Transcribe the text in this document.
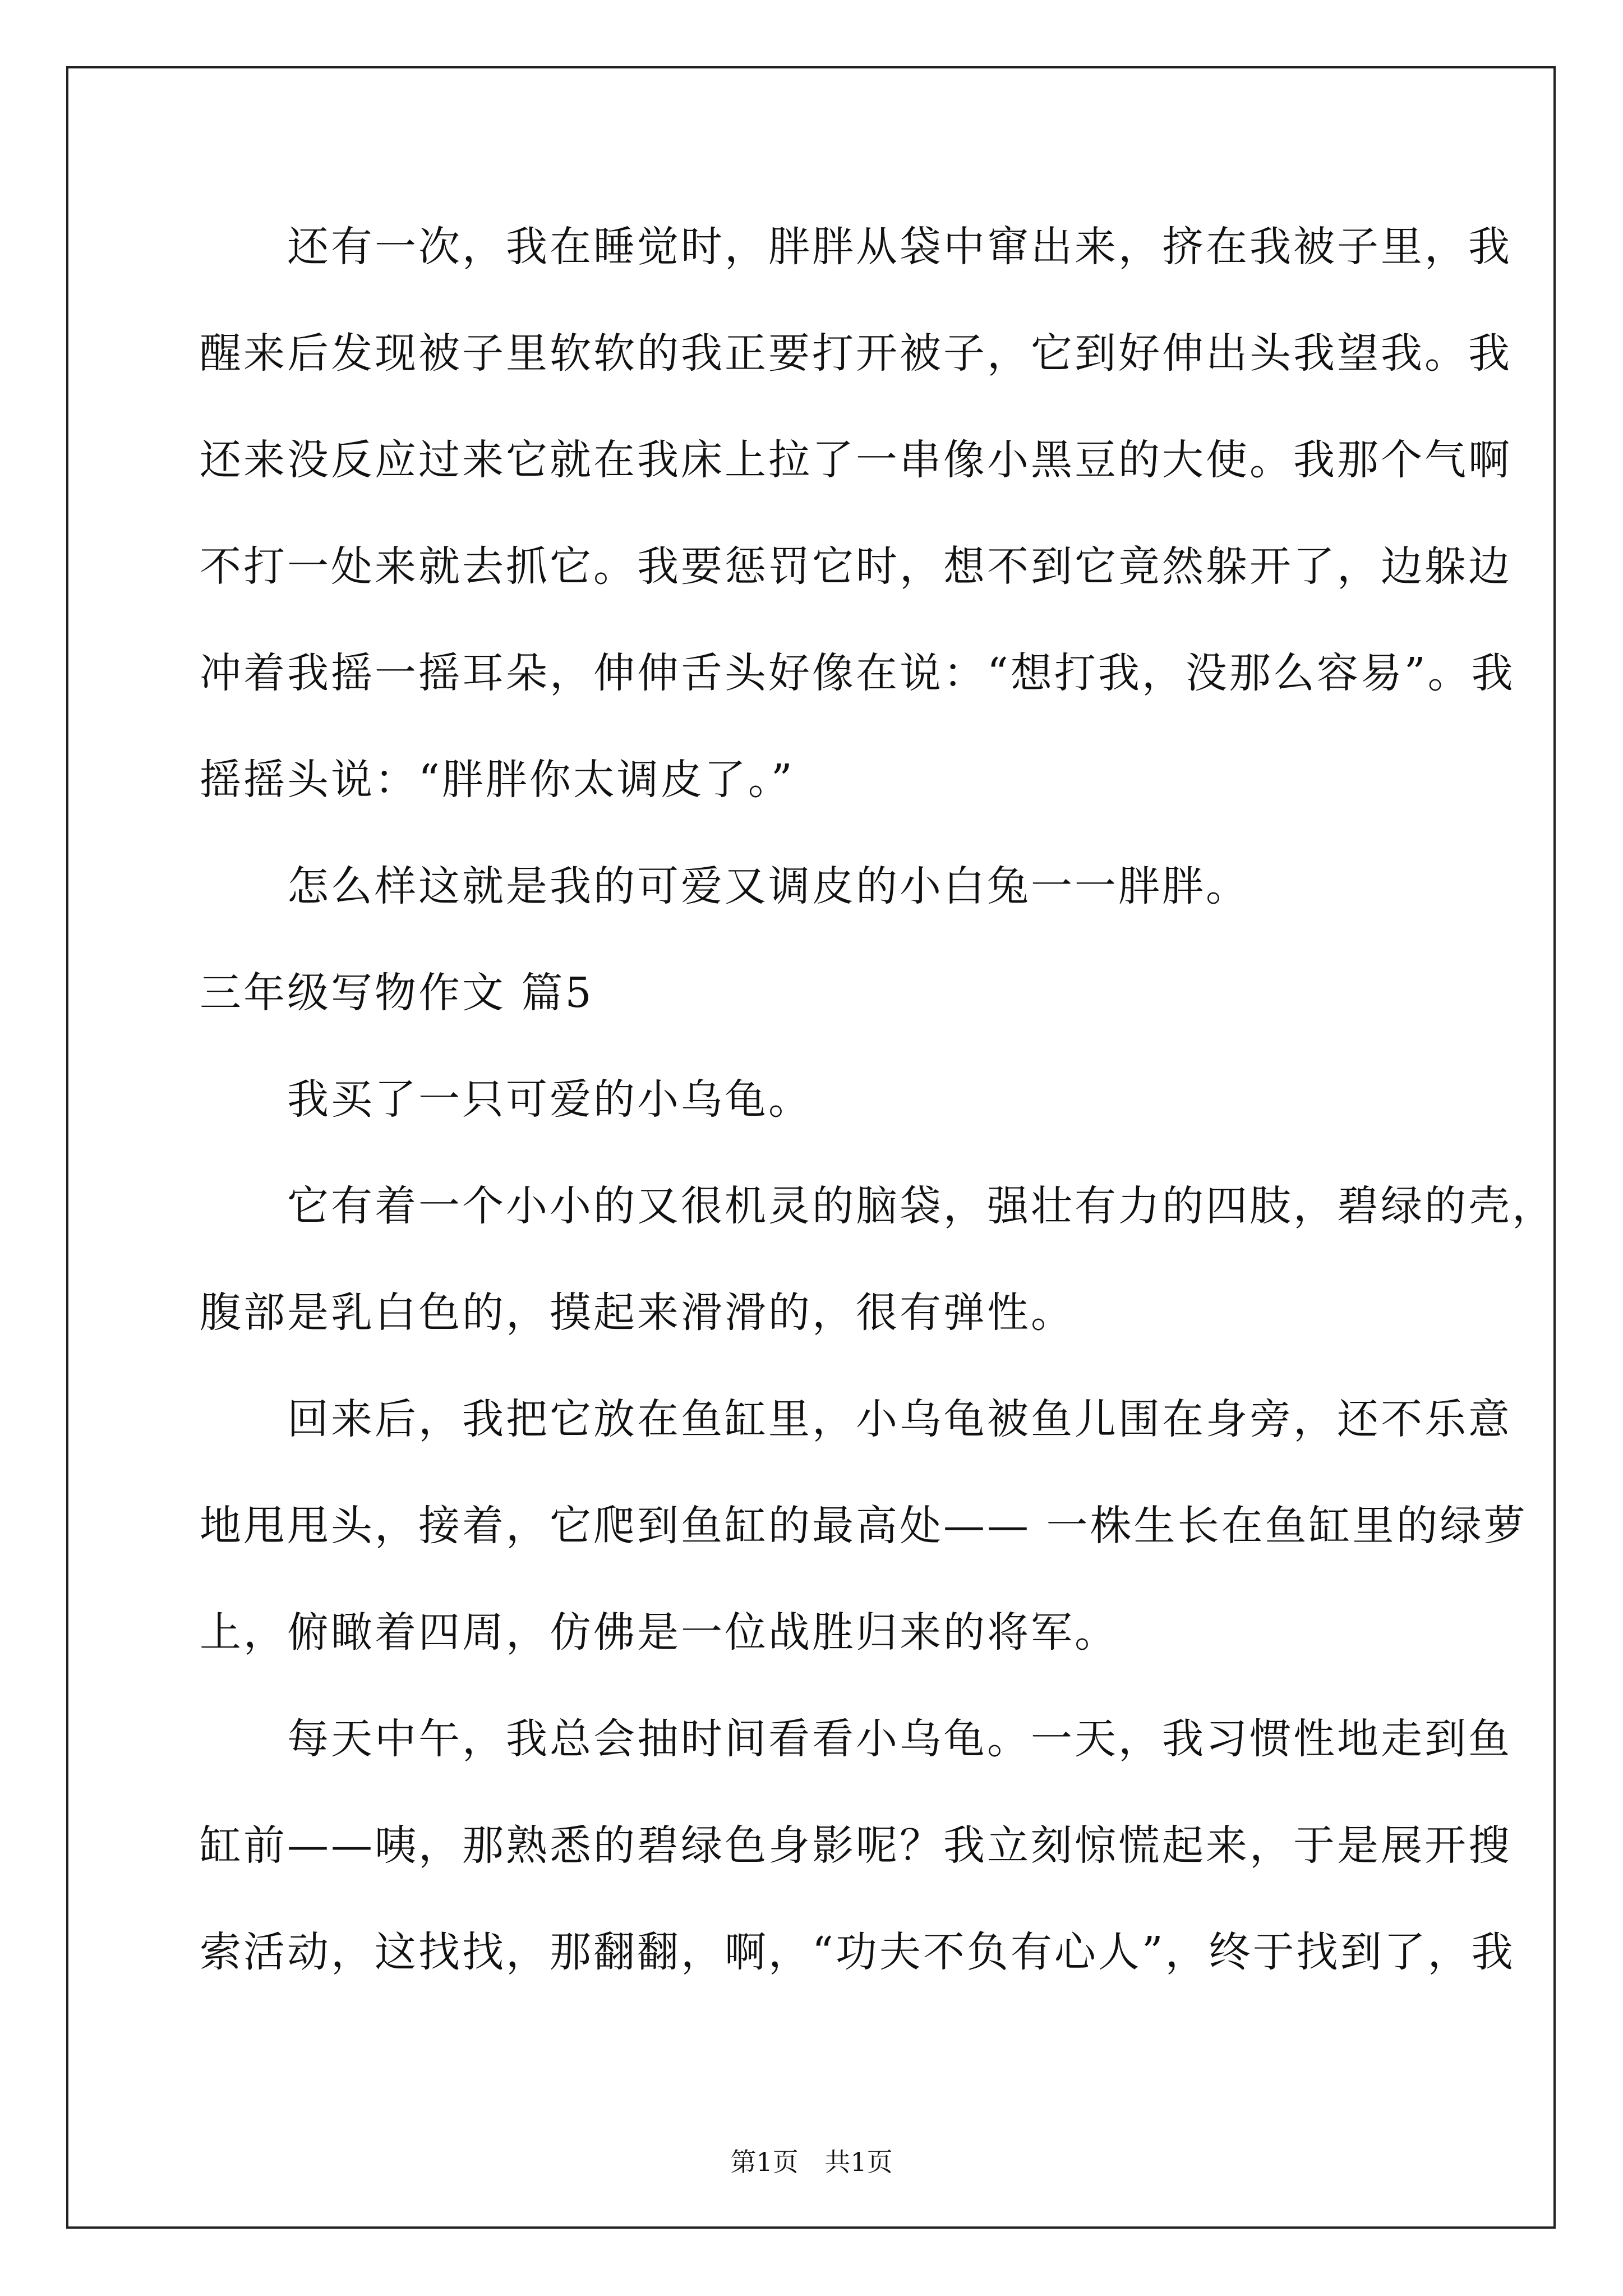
　　还有一次，我在睡觉时，胖胖从袋中窜出来，挤在我被子里，我
醒来后发现被子里软软的我正要打开被子，它到好伸出头我望我。我
还来没反应过来它就在我床上拉了一串像小黑豆的大使。我那个气啊
不打一处来就去抓它。我要惩罚它时，想不到它竟然躲开了，边躲边
冲着我摇一摇耳朵，伸伸舌头好像在说：“想打我，没那么容易”。我
摇摇头说：“胖胖你太调皮了。”
　　怎么样这就是我的可爱又调皮的小白兔一一胖胖。
三年级写物作文 篇5
　　我买了一只可爱的小乌龟。
　　它有着一个小小的又很机灵的脑袋，强壮有力的四肢，碧绿的壳，
腹部是乳白色的，摸起来滑滑的，很有弹性。
　　回来后，我把它放在鱼缸里，小乌龟被鱼儿围在身旁，还不乐意
地甩甩头，接着，它爬到鱼缸的最高处—— 一株生长在鱼缸里的绿萝
上，俯瞰着四周，仿佛是一位战胜归来的将军。
　　每天中午，我总会抽时间看看小乌龟。一天，我习惯性地走到鱼
缸前——咦，那熟悉的碧绿色身影呢？我立刻惊慌起来，于是展开搜
索活动，这找找，那翻翻，啊，“功夫不负有心人”，终于找到了，我
第1页 共1页
